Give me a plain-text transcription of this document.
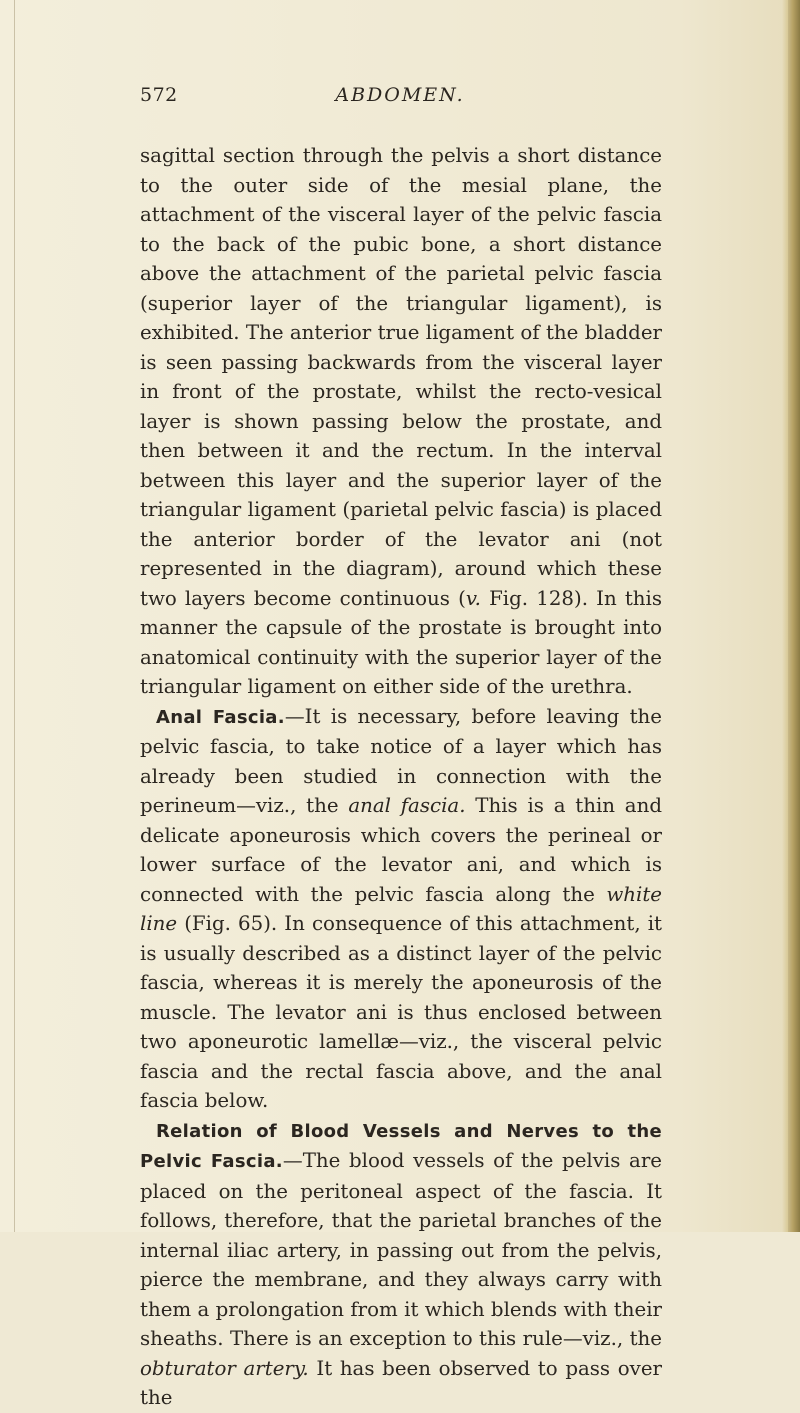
572	ABDOMEN.

sagittal section through the pelvis a short distance to the outer side of the mesial plane, the attachment of the visceral layer of the pelvic fascia to the back of the pubic bone, a short distance above the attachment of the parietal pelvic fascia (superior layer of the triangular ligament), is exhibited. The anterior true ligament of the bladder is seen passing backwards from the visceral layer in front of the prostate, whilst the recto-vesical layer is shown passing below the prostate, and then between it and the rectum. In the interval between this layer and the superior layer of the triangular ligament (parietal pelvic fascia) is placed the anterior border of the levator ani (not represented in the diagram), around which these two layers become continuous (v. Fig. 128). In this manner the capsule of the prostate is brought into anatomical continuity with the superior layer of the triangular ligament on either side of the urethra.

Anal Fascia.—It is necessary, before leaving the pelvic fascia, to take notice of a layer which has already been studied in connection with the perineum—viz., the anal fascia. This is a thin and delicate aponeurosis which covers the perineal or lower surface of the levator ani, and which is connected with the pelvic fascia along the white line (Fig. 65). In consequence of this attachment, it is usually described as a distinct layer of the pelvic fascia, whereas it is merely the aponeurosis of the muscle. The levator ani is thus enclosed between two aponeurotic lamellæ—viz., the visceral pelvic fascia and the rectal fascia above, and the anal fascia below.

Relation of Blood Vessels and Nerves to the Pelvic Fascia.—The blood vessels of the pelvis are placed on the peritoneal aspect of the fascia. It follows, therefore, that the parietal branches of the internal iliac artery, in passing out from the pelvis, pierce the membrane, and they always carry with them a prolongation from it which blends with their sheaths. There is an exception to this rule—viz., the obturator artery. It has been observed to pass over the
